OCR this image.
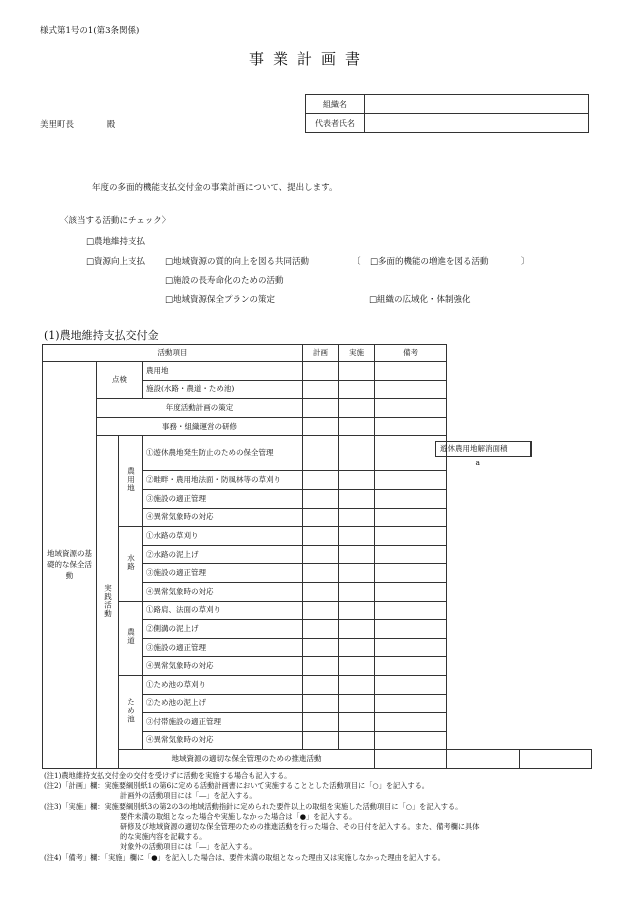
様式第1号の1(第3条関係)
事業計画書
美里町長	殿
組織名	
代表者氏名	
年度の多面的機能支払交付金の事業計画について、提出します。
〈該当する活動にチェック〉
□農地維持支払
□資源向上支払 □地域資源の質的向上を図る共同活動	〔 □多面的機能の増進を図る活動	〕
□施設の長寿命化のための活動
□地域資源保全プランの策定	□組織の広域化・体制強化
(1)農地維持支払交付金
活動項目				計画	実施	備考		
地域資源の基礎的な保全活動	点検		農用地					
			施設(水路・農道・ため池)					
	年度活動計画の策定							
	事務・組織運営の研修							
	実践活動	農用地	①遊休農地発生防止のための保全管理			遊休農用地解消面積a		
			②畦畔・農用地法面・防風林等の草刈り					
			③施設の適正管理					
			④異常気象時の対応					
		水路	①水路の草刈り					
			②水路の泥上げ					
			③施設の適正管理					
			④異常気象時の対応					
		農道	①路肩、法面の草刈り					
			②側溝の泥上げ					
			③施設の適正管理					
			④異常気象時の対応					
		ため池	①ため池の草刈り					
			②ため池の泥上げ					
			③付帯施設の適正管理					
			④異常気象時の対応					
		地域資源の適切な保全管理のための推進活動						
(注1)農地維持支払交付金の交付を受けずに活動を実施する場合も記入する。
(注2)「計画」欄：実施要綱別紙1の第6に定める活動計画書において実施することとした活動項目に「○」を記入する。
計画外の活動項目には「―」を記入する。
(注3)「実施」欄：実施要綱別紙3の第2の3の地域活動指針に定められた要件以上の取組を実施した活動項目に「○」を記入する。
要件未満の取組となった場合や実施しなかった場合は「●」を記入する。
研修及び地域資源の適切な保全管理のための推進活動を行った場合、その日付を記入する。また、備考欄に具体
的な実施内容を記載する。
対象外の活動項目には「―」を記入する。
(注4)「備考」欄：「実施」欄に「●」を記入した場合は、要件未満の取組となった理由又は実施しなかった理由を記入する。
